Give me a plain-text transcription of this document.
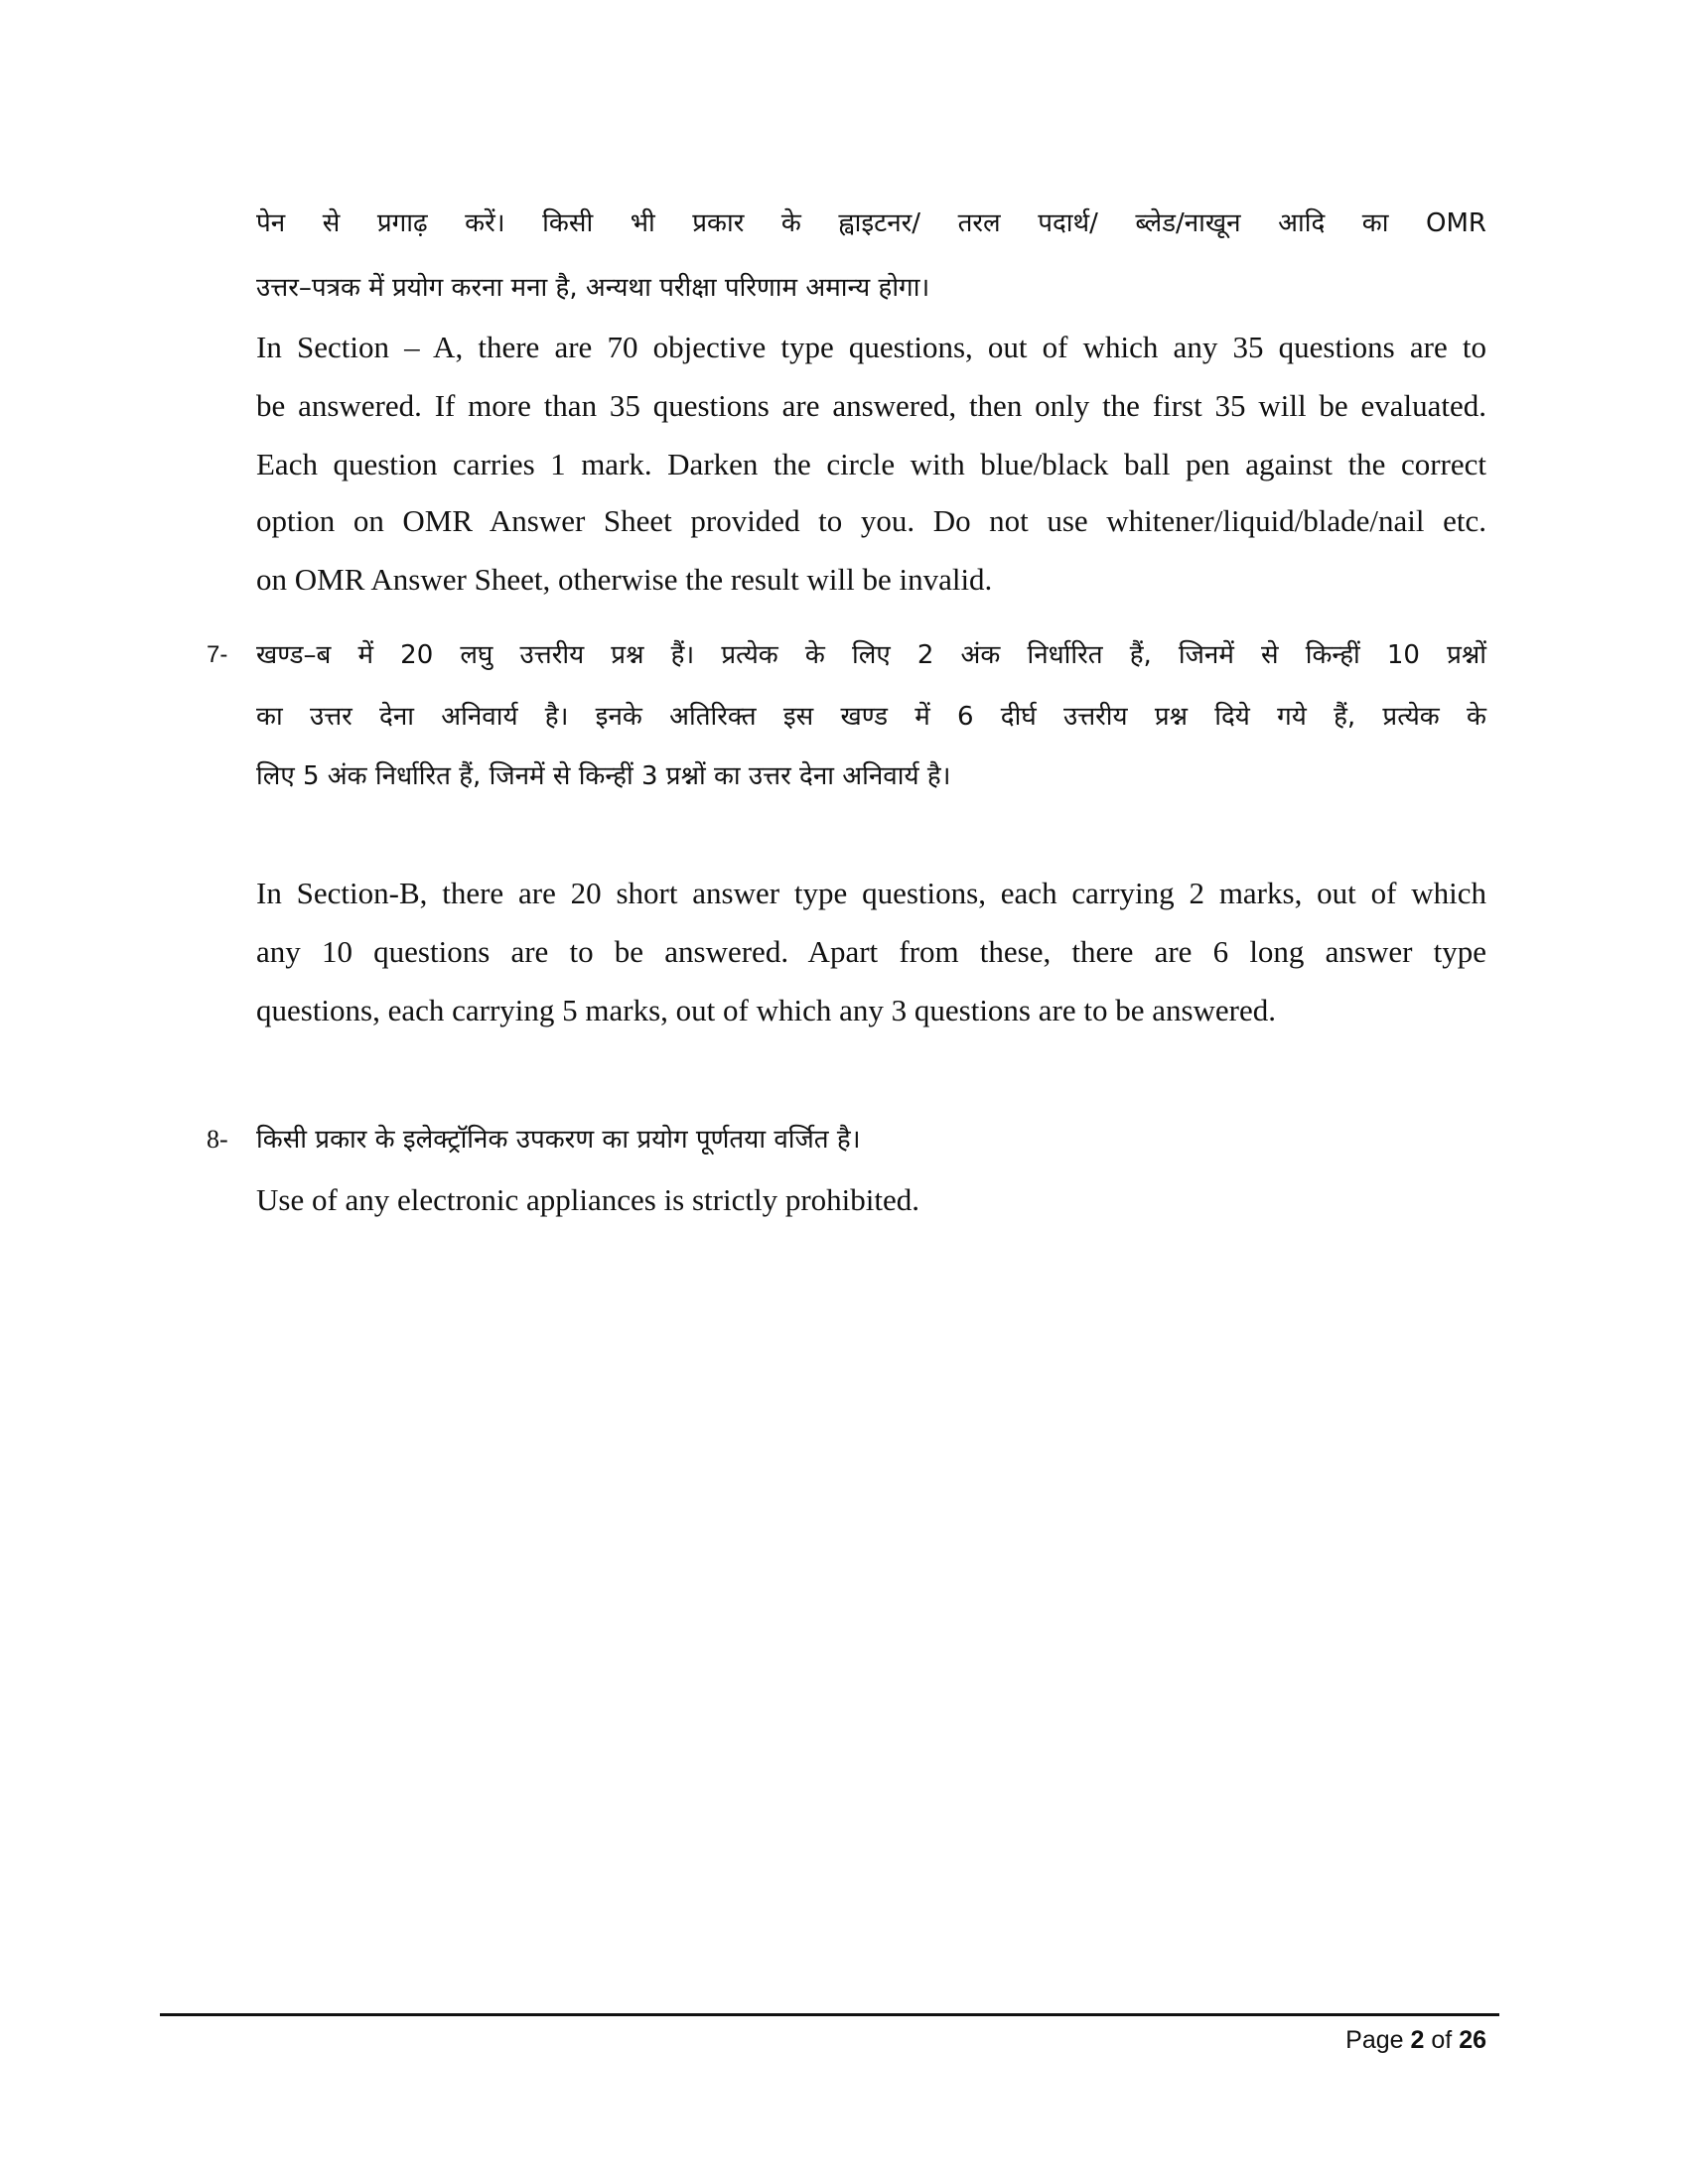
पेन से प्रगाढ़ करें। किसी भी प्रकार के ह्वाइटनर/ तरल पदार्थ/ ब्लेड/नाखून आदि का OMR
उत्तर–पत्रक में प्रयोग करना मना है, अन्यथा परीक्षा परिणाम अमान्य होगा।
In Section – A, there are 70 objective type questions, out of which any 35 questions are to
be answered. If more than 35 questions are answered, then only the first 35 will be evaluated.
Each question carries 1 mark. Darken the circle with blue/black ball pen against the correct
option on OMR Answer Sheet provided to you. Do not use whitener/liquid/blade/nail etc.
on OMR Answer Sheet, otherwise the result will be invalid.
7- खण्ड–ब में 20 लघु उत्तरीय प्रश्न हैं। प्रत्येक के लिए 2 अंक निर्धारित हैं, जिनमें से किन्हीं 10 प्रश्नों
का उत्तर देना अनिवार्य है। इनके अतिरिक्त इस खण्ड में 6 दीर्घ उत्तरीय प्रश्न दिये गये हैं, प्रत्येक के
लिए 5 अंक निर्धारित हैं, जिनमें से किन्हीं 3 प्रश्नों का उत्तर देना अनिवार्य है।
In Section-B, there are 20 short answer type questions, each carrying 2 marks, out of which
any 10 questions are to be answered. Apart from these, there are 6 long answer type
questions, each carrying 5 marks, out of which any 3 questions are to be answered.
8- किसी प्रकार के इलेक्ट्रॉनिक उपकरण का प्रयोग पूर्णतया वर्जित है।
Use of any electronic appliances is strictly prohibited.
Page 2 of 26
